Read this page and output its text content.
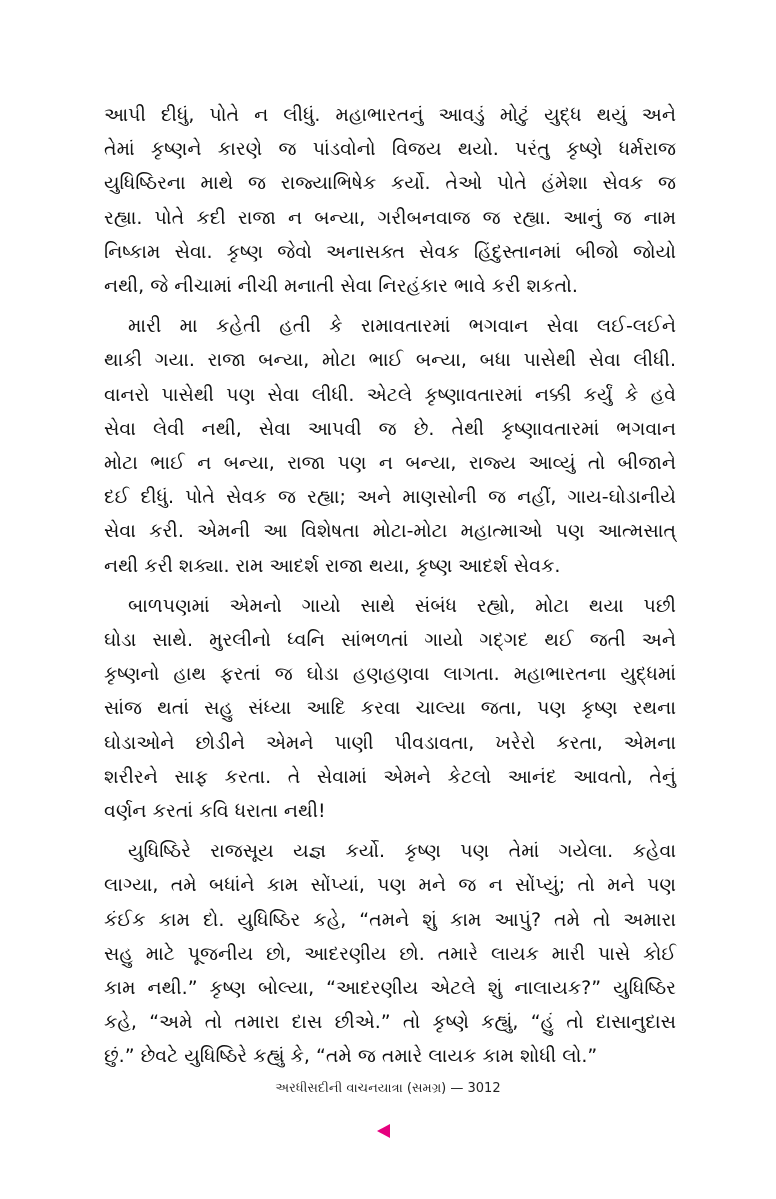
આપી દીધું, પોતે ન લીધું. મહાભારતનું આવડું મોટું યુદ્ધ થયું અને
તેમાં કૃષ્ણને કારણે જ પાંડવોનો વિજય થયો. પરંતુ કૃષ્ણે ધર્મરાજ
યુધિષ્ઠિરના માથે જ રાજ્યાભિષેક કર્યો. તેઓ પોતે હંમેશા સેવક જ
રહ્યા. પોતે કદી રાજા ન બન્યા, ગરીબનવાજ જ રહ્યા. આનું જ નામ
નિષ્કામ સેવા. કૃષ્ણ જેવો અનાસક્ત સેવક હિંદુસ્તાનમાં બીજો જોયો
નથી, જે નીચામાં નીચી મનાતી સેવા નિરહંકાર ભાવે કરી શકતો.
મારી મા કહેતી હતી કે રામાવતારમાં ભગવાન સેવા લઈ-લઈને
થાકી ગયા. રાજા બન્યા, મોટા ભાઈ બન્યા, બધા પાસેથી સેવા લીધી.
વાનરો પાસેથી પણ સેવા લીધી. એટલે કૃષ્ણાવતારમાં નક્કી કર્યું કે હવે
સેવા લેવી નથી, સેવા આપવી જ છે. તેથી કૃષ્ણાવતારમાં ભગવાન
મોટા ભાઈ ન બન્યા, રાજા પણ ન બન્યા, રાજ્ય આવ્યું તો બીજાને
દઈ દીધું. પોતે સેવક જ રહ્યા; અને માણસોની જ નહીં, ગાય-ઘોડાનીયે
સેવા કરી. એમની આ વિશેષતા મોટા-મોટા મહાત્માઓ પણ આત્મસાત્
નથી કરી શક્યા. રામ આદર્શ રાજા થયા, કૃષ્ણ આદર્શ સેવક.
બાળપણમાં એમનો ગાયો સાથે સંબંધ રહ્યો, મોટા થયા પછી
ઘોડા સાથે. મુરલીનો ધ્વનિ સાંભળતાં ગાયો ગદ્ગદ થઈ જતી અને
કૃષ્ણનો હાથ ફરતાં જ ઘોડા હણહણવા લાગતા. મહાભારતના યુદ્ધમાં
સાંજ થતાં સહુ સંધ્યા આદિ કરવા ચાલ્યા જતા, પણ કૃષ્ણ રથના
ઘોડાઓને છોડીને એમને પાણી પીવડાવતા, ખરેરો કરતા, એમના
શરીરને સાફ કરતા. તે સેવામાં એમને કેટલો આનંદ આવતો, તેનું
વર્ણન કરતાં કવિ ધરાતા નથી!
યુધિષ્ઠિરે રાજસૂય યજ્ઞ કર્યો. કૃષ્ણ પણ તેમાં ગયેલા. કહેવા
લાગ્યા, તમે બધાંને કામ સોંપ્યાં, પણ મને જ ન સોંપ્યું; તો મને પણ
કંઈક કામ દો. યુધિષ્ઠિર કહે, “તમને શું કામ આપું? તમે તો અમારા
સહુ માટે પૂજનીય છો, આદરણીય છો. તમારે લાયક મારી પાસે કોઈ
કામ નથી.” કૃષ્ણ બોલ્યા, “આદરણીય એટલે શું નાલાયક?” યુધિષ્ઠિર
કહે, “અમે તો તમારા દાસ છીએ.” તો કૃષ્ણે કહ્યું, “હું તો દાસાનુદાસ
છું.” છેવટે યુધિષ્ઠિરે કહ્યું કે, “તમે જ તમારે લાયક કામ શોધી લો.”
અરધીસદીની વાચનયાત્રા (સમગ્ર) — 3012
